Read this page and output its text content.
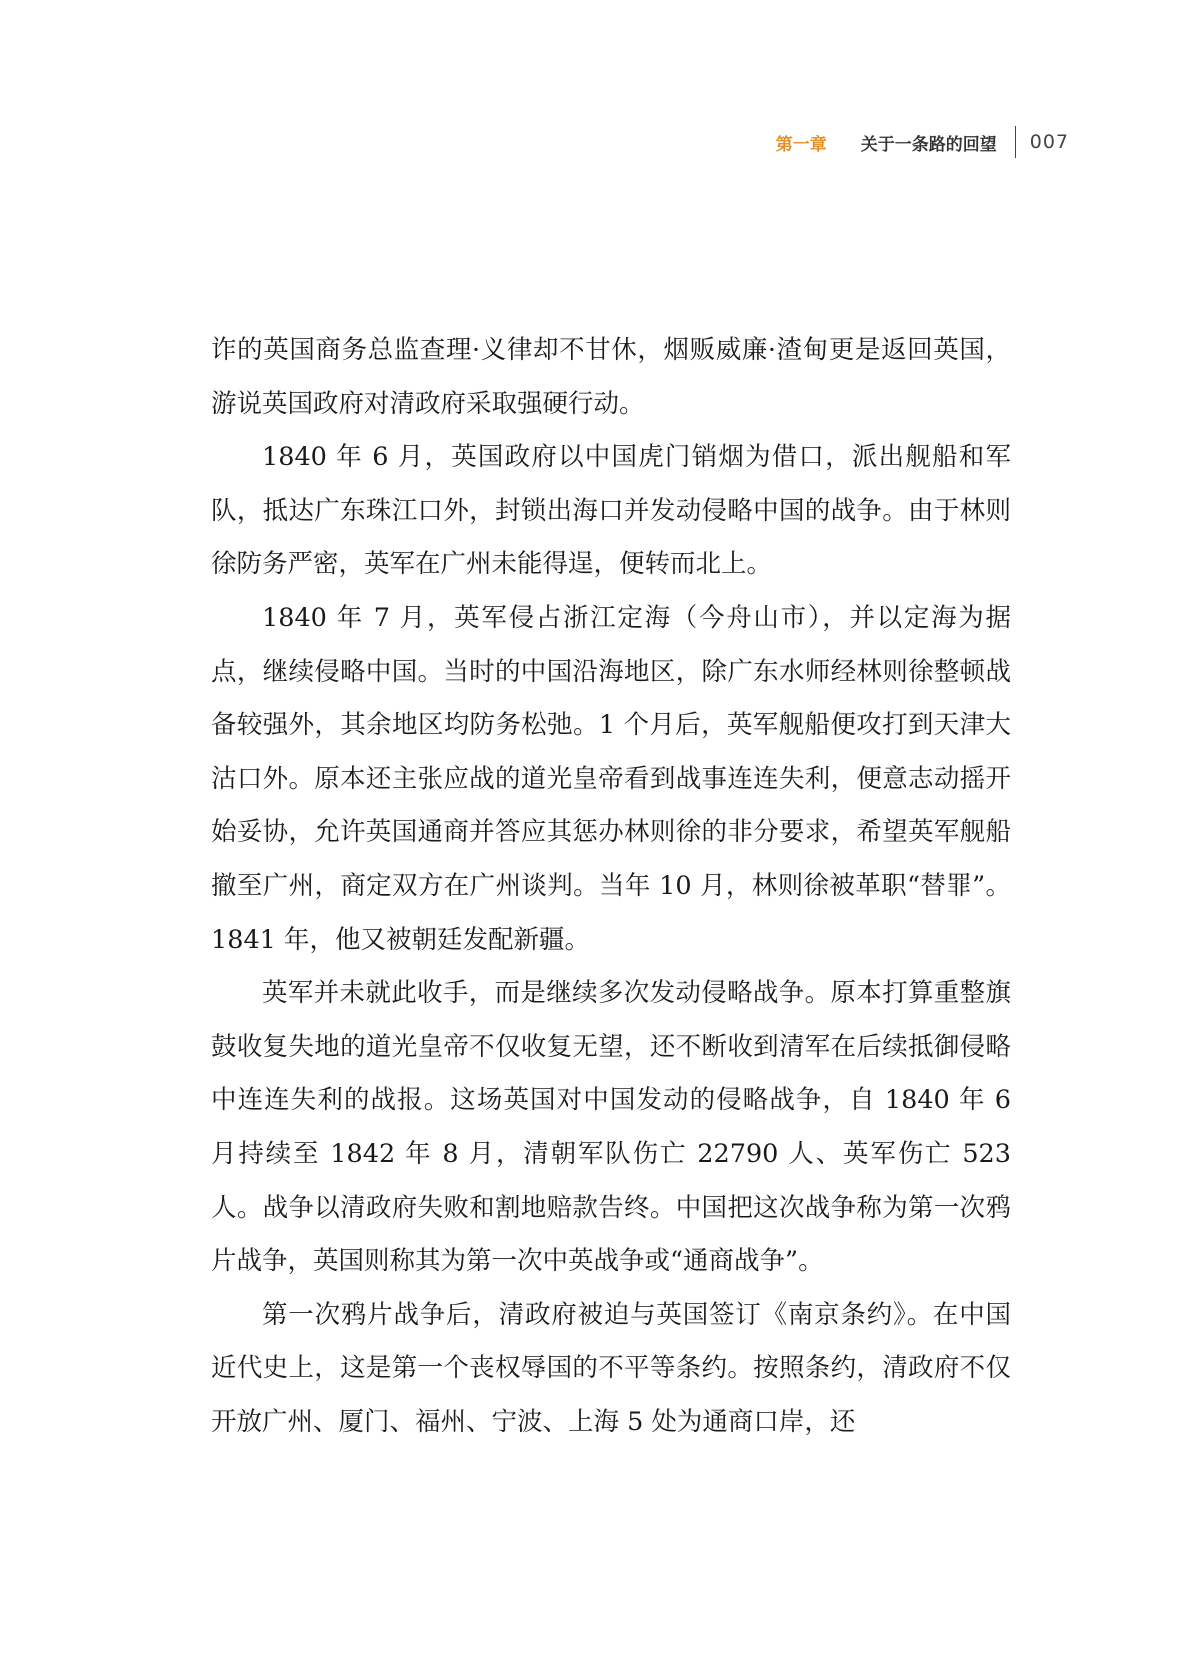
第一章 关于一条路的回望 007

诈的英国商务总监查理·义律却不甘休，烟贩威廉·渣甸更是返回英国，游说英国政府对清政府采取强硬行动。

1840 年 6 月，英国政府以中国虎门销烟为借口，派出舰船和军队，抵达广东珠江口外，封锁出海口并发动侵略中国的战争。由于林则徐防务严密，英军在广州未能得逞，便转而北上。

1840 年 7 月，英军侵占浙江定海（今舟山市），并以定海为据点，继续侵略中国。当时的中国沿海地区，除广东水师经林则徐整顿战备较强外，其余地区均防务松弛。1 个月后，英军舰船便攻打到天津大沽口外。原本还主张应战的道光皇帝看到战事连连失利，便意志动摇开始妥协，允许英国通商并答应其惩办林则徐的非分要求，希望英军舰船撤至广州，商定双方在广州谈判。当年 10 月，林则徐被革职“替罪”。1841 年，他又被朝廷发配新疆。

英军并未就此收手，而是继续多次发动侵略战争。原本打算重整旗鼓收复失地的道光皇帝不仅收复无望，还不断收到清军在后续抵御侵略中连连失利的战报。这场英国对中国发动的侵略战争，自 1840 年 6 月持续至 1842 年 8 月，清朝军队伤亡 22790 人、英军伤亡 523 人。战争以清政府失败和割地赔款告终。中国把这次战争称为第一次鸦片战争，英国则称其为第一次中英战争或“通商战争”。

第一次鸦片战争后，清政府被迫与英国签订《南京条约》。在中国近代史上，这是第一个丧权辱国的不平等条约。按照条约，清政府不仅开放广州、厦门、福州、宁波、上海 5 处为通商口岸，还
